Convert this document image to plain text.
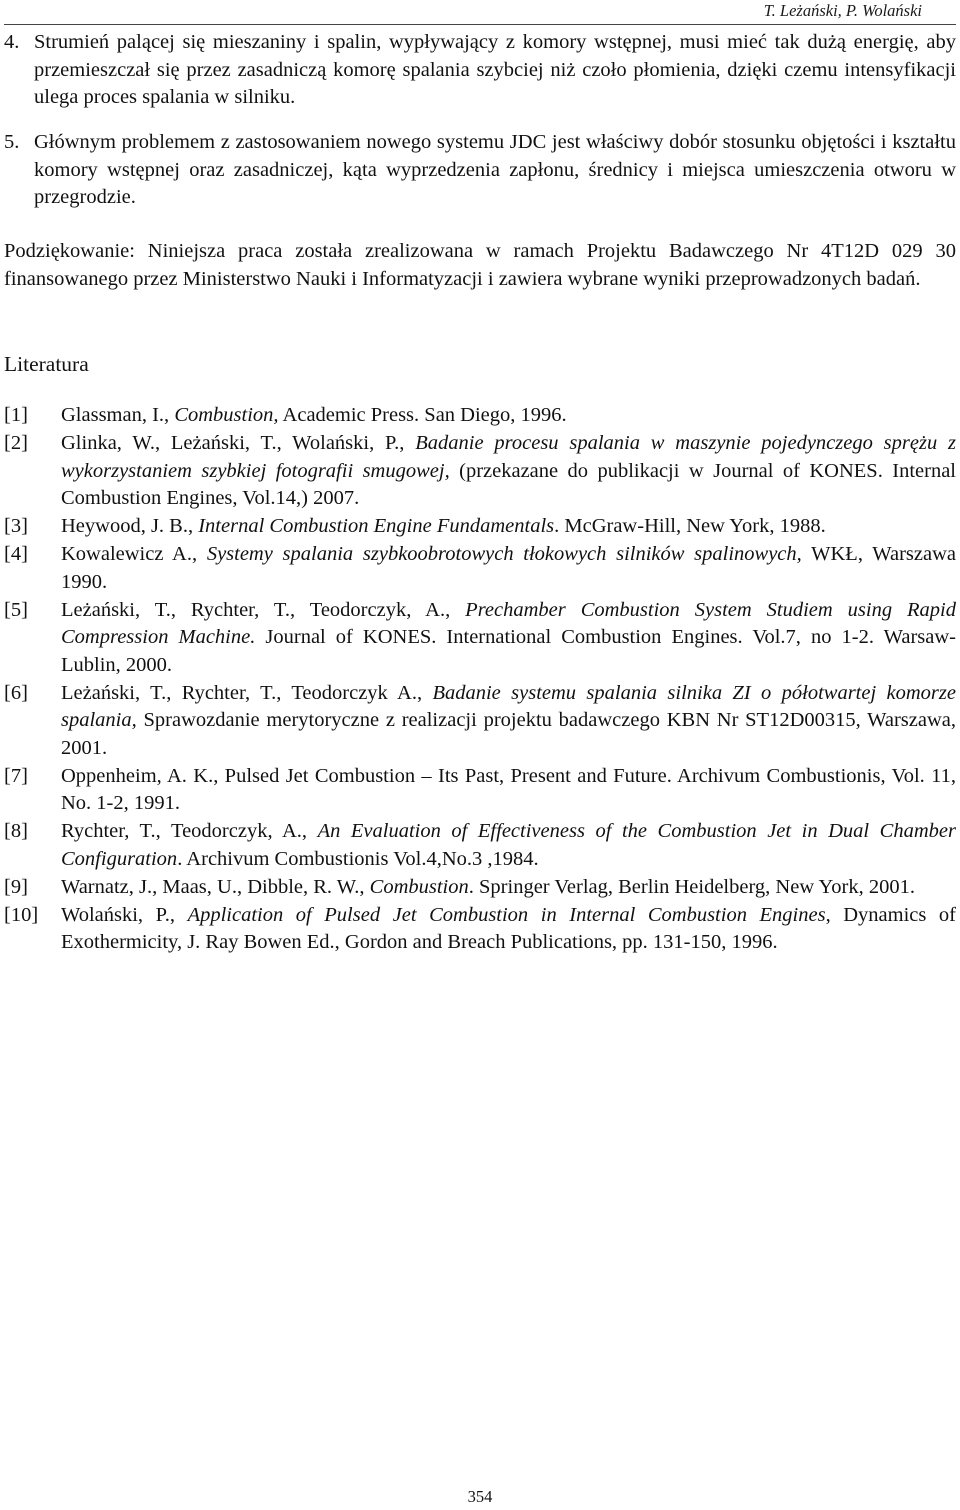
T. Leżański, P. Wolański
4. Strumień palącej się mieszaniny i spalin, wypływający z komory wstępnej, musi mieć tak dużą energię, aby przemieszczał się przez zasadniczą komorę spalania szybciej niż czoło płomienia, dzięki czemu intensyfikacji ulega proces spalania w silniku.
5. Głównym problemem z zastosowaniem nowego systemu JDC jest właściwy dobór stosunku objętości i kształtu komory wstępnej oraz zasadniczej, kąta wyprzedzenia zapłonu, średnicy i miejsca umieszczenia otworu w przegrodzie.

Podziękowanie: Niniejsza praca została zrealizowana w ramach Projektu Badawczego Nr 4T12D 029 30 finansowanego przez Ministerstwo Nauki i Informatyzacji i zawiera wybrane wyniki przeprowadzonych badań.

Literatura
[1] Glassman, I., Combustion, Academic Press. San Diego, 1996.
[2] Glinka, W., Leżański, T., Wolański, P., Badanie procesu spalania w maszynie pojedynczego sprężu z wykorzystaniem szybkiej fotografii smugowej, (przekazane do publikacji w Journal of KONES. Internal Combustion Engines, Vol.14,) 2007.
[3] Heywood, J. B., Internal Combustion Engine Fundamentals. McGraw-Hill, New York, 1988.
[4] Kowalewicz A., Systemy spalania szybkoobrotowych tłokowych silników spalinowych, WKŁ, Warszawa 1990.
[5] Leżański, T., Rychter, T., Teodorczyk, A., Prechamber Combustion System Studiem using Rapid Compression Machine. Journal of KONES. International Combustion Engines. Vol.7, no 1-2. Warsaw-Lublin, 2000.
[6] Leżański, T., Rychter, T., Teodorczyk A., Badanie systemu spalania silnika ZI o półotwartej komorze spalania, Sprawozdanie merytoryczne z realizacji projektu badawczego KBN Nr ST12D00315, Warszawa, 2001.
[7] Oppenheim, A. K., Pulsed Jet Combustion – Its Past, Present and Future. Archivum Combustionis, Vol. 11, No. 1-2, 1991.
[8] Rychter, T., Teodorczyk, A., An Evaluation of Effectiveness of the Combustion Jet in Dual Chamber Configuration. Archivum Combustionis Vol.4,No.3 ,1984.
[9] Warnatz, J., Maas, U., Dibble, R. W., Combustion. Springer Verlag, Berlin Heidelberg, New York, 2001.
[10] Wolański, P., Application of Pulsed Jet Combustion in Internal Combustion Engines, Dynamics of Exothermicity, J. Ray Bowen Ed., Gordon and Breach Publications, pp. 131-150, 1996.
354
